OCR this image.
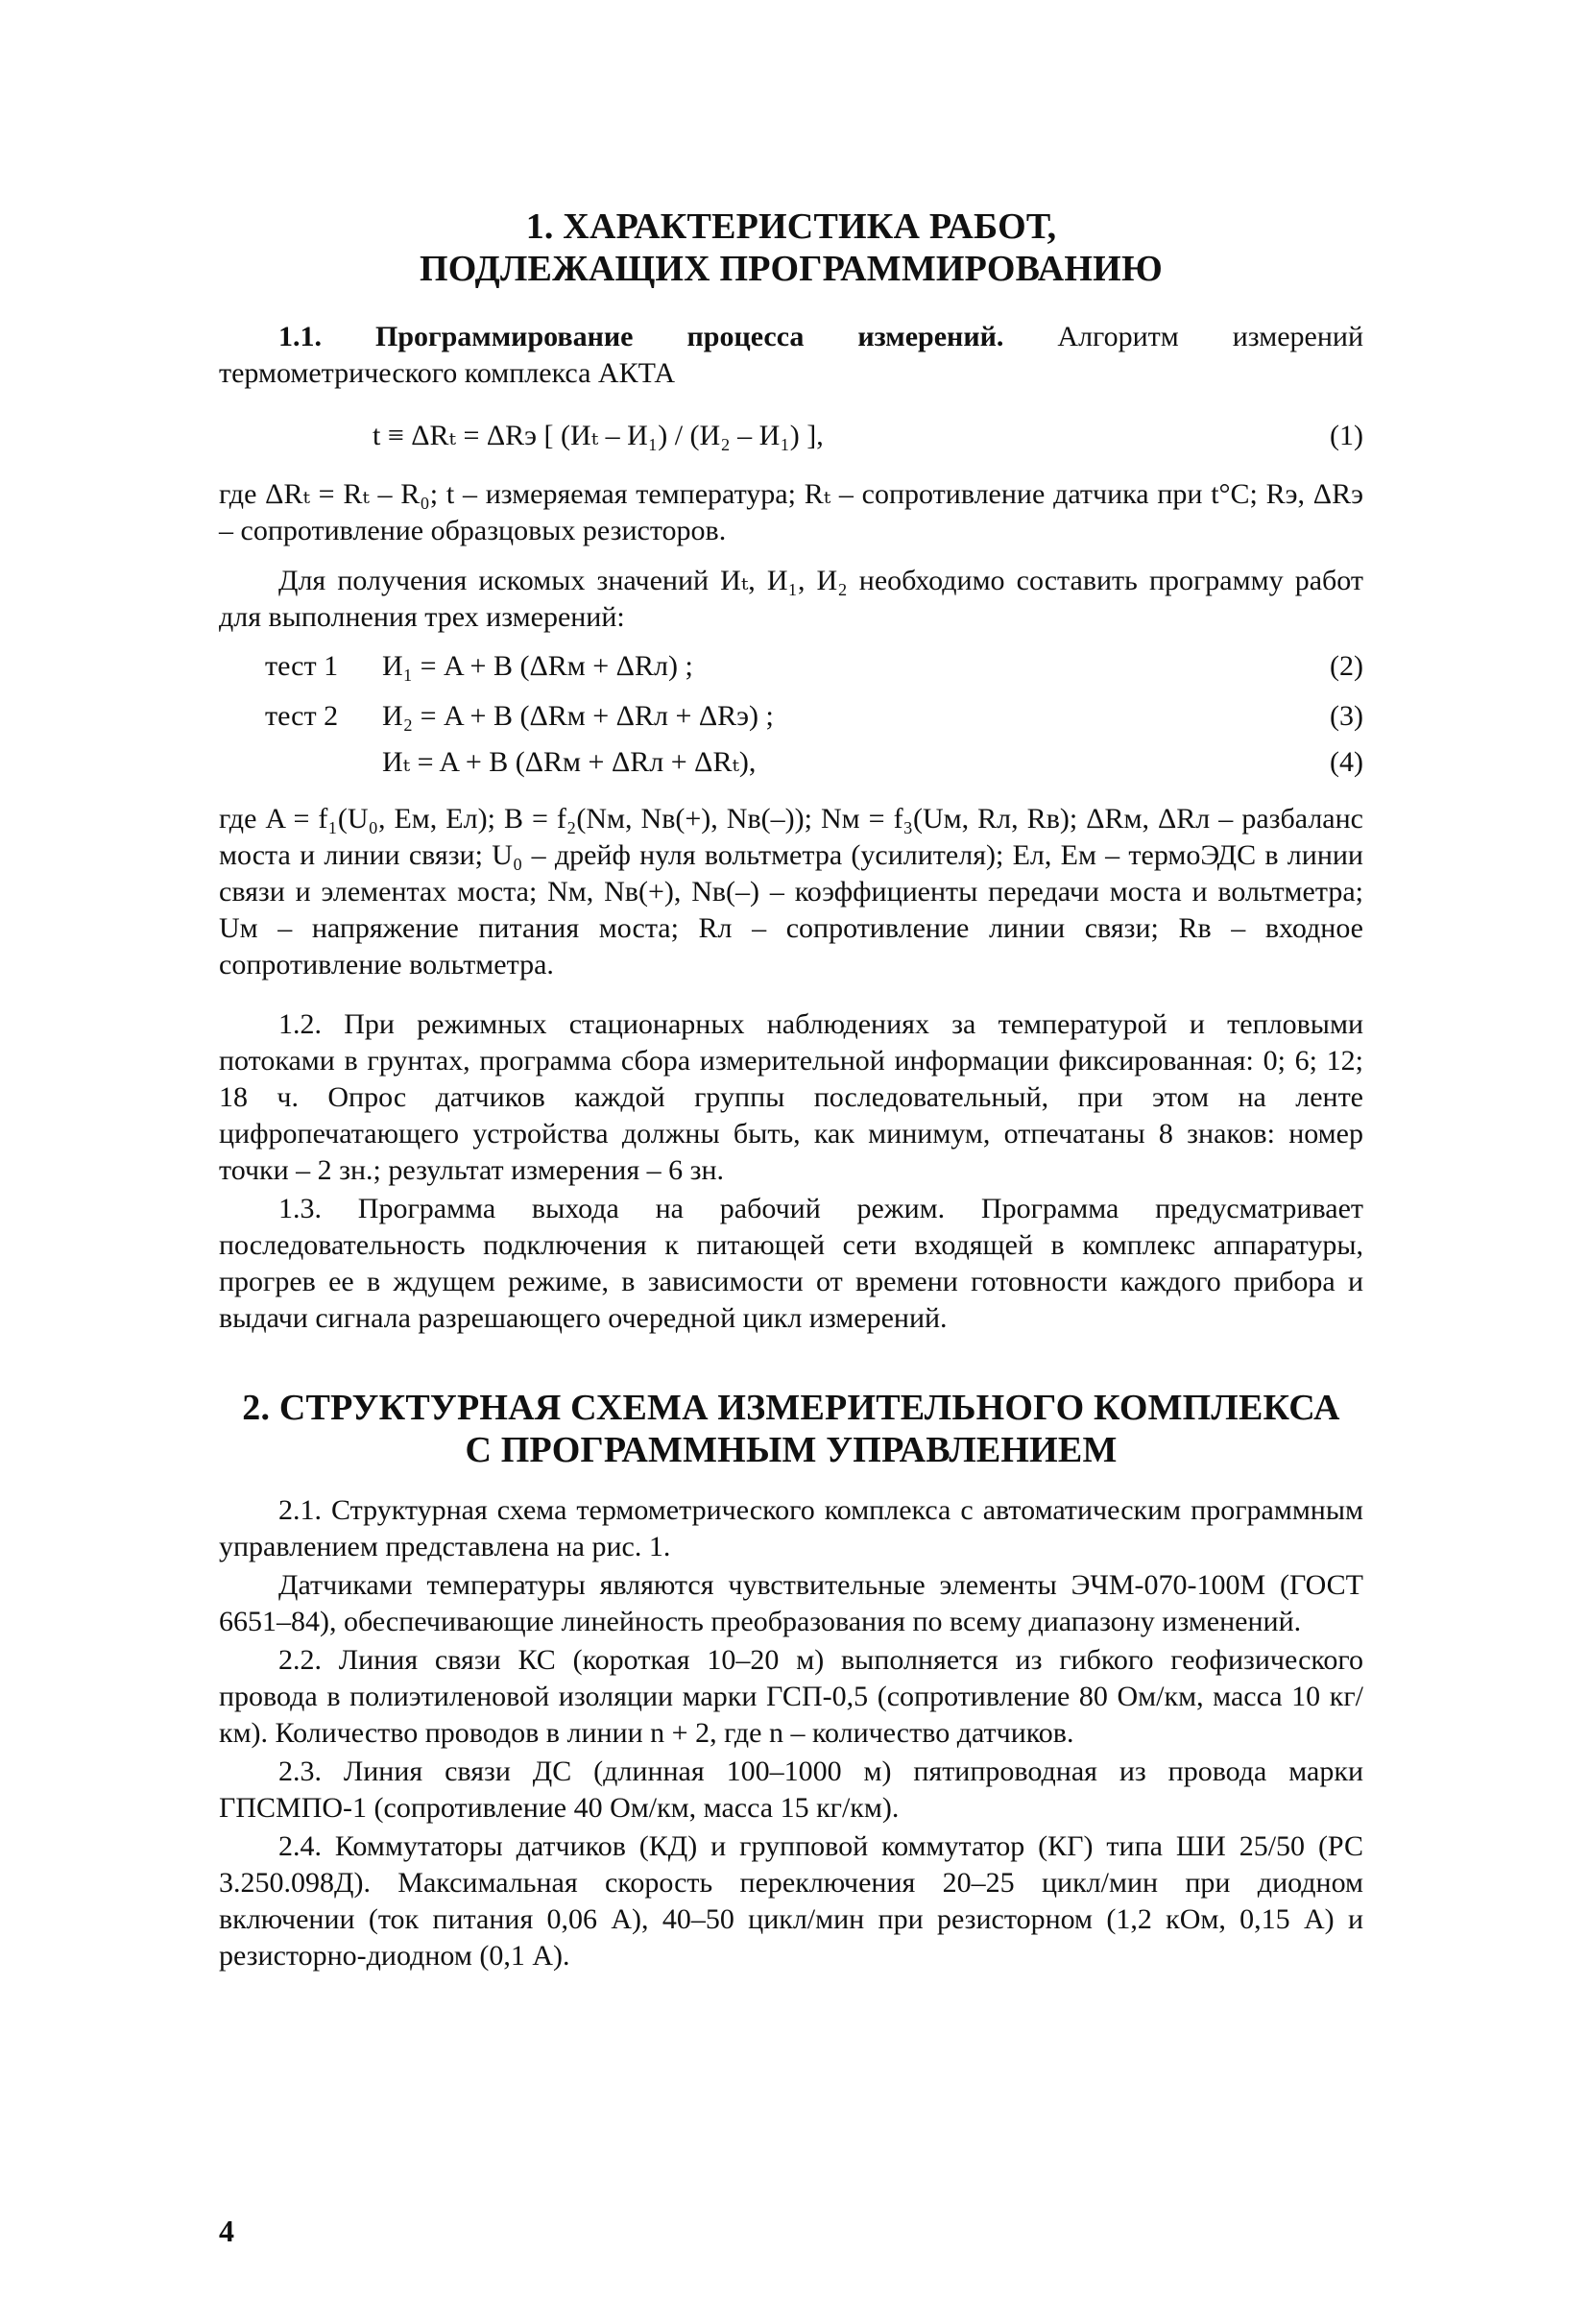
1. ХАРАКТЕРИСТИКА РАБОТ,
ПОДЛЕЖАЩИХ ПРОГРАММИРОВАНИЮ

1.1. Программирование процесса измерений. Алгоритм измерений термометрического комплекса АКТА

t ≡ ΔRₜ = ΔRэ [ (Иₜ – И₁) / (И₂ – И₁) ],	(1)

где ΔRₜ = Rₜ – R₀; t – измеряемая температура; Rₜ – сопротивление датчика при t°C; Rэ, ΔRэ – сопротивление образцовых резисторов.

Для получения искомых значений Иₜ, И₁, И₂ необходимо составить программу работ для выполнения трех измерений:

тест 1 И₁ = A + B (ΔRм + ΔRл) ;	(2)
тест 2 И₂ = A + B (ΔRм + ΔRл + ΔRэ) ;	(3)
Иₜ = A + B (ΔRм + ΔRл + ΔRₜ),	(4)

где A = f₁(U₀, Eм, Eл); B = f₂(Nм, Nв(+), Nв(–)); Nм = f₃(Uм, Rл, Rв); ΔRм, ΔRл – разбаланс моста и линии связи; U₀ – дрейф нуля вольтметра (усилителя); Eл, Eм – термоЭДС в линии связи и элементах моста; Nм, Nв(+), Nв(–) – коэффициенты передачи моста и вольтметра; Uм – напряжение питания моста; Rл – сопротивление линии связи; Rв – входное сопротивление вольтметра.

1.2. При режимных стационарных наблюдениях за температурой и тепловыми потоками в грунтах, программа сбора измерительной информации фиксированная: 0; 6; 12; 18 ч. Опрос датчиков каждой группы последовательный, при этом на ленте цифропечатающего устройства должны быть, как минимум, отпечатаны 8 знаков: номер точки – 2 зн.; результат измерения – 6 зн.

1.3. Программа выхода на рабочий режим. Программа предусматривает последовательность подключения к питающей сети входящей в комплекс аппаратуры, прогрев ее в ждущем режиме, в зависимости от времени готовности каждого прибора и выдачи сигнала разрешающего очередной цикл измерений.

2. СТРУКТУРНАЯ СХЕМА ИЗМЕРИТЕЛЬНОГО КОМПЛЕКСА
С ПРОГРАММНЫМ УПРАВЛЕНИЕМ

2.1. Структурная схема термометрического комплекса с автоматическим программным управлением представлена на рис. 1.

Датчиками температуры являются чувствительные элементы ЭЧМ-070-100М (ГОСТ 6651–84), обеспечивающие линейность преобразования по всему диапазону изменений.

2.2. Линия связи КС (короткая 10–20 м) выполняется из гибкого геофизического провода в полиэтиленовой изоляции марки ГСП-0,5 (сопротивление 80 Ом/км, масса 10 кг/км). Количество проводов в линии n + 2, где n – количество датчиков.

2.3. Линия связи ДС (длинная 100–1000 м) пятипроводная из провода марки ГПСМПО-1 (сопротивление 40 Ом/км, масса 15 кг/км).

2.4. Коммутаторы датчиков (КД) и групповой коммутатор (КГ) типа ШИ 25/50 (РС 3.250.098Д). Максимальная скорость переключения 20–25 цикл/мин при диодном включении (ток питания 0,06 А), 40–50 цикл/мин при резисторном (1,2 кОм, 0,15 А) и резисторно-диодном (0,1 А).

4
